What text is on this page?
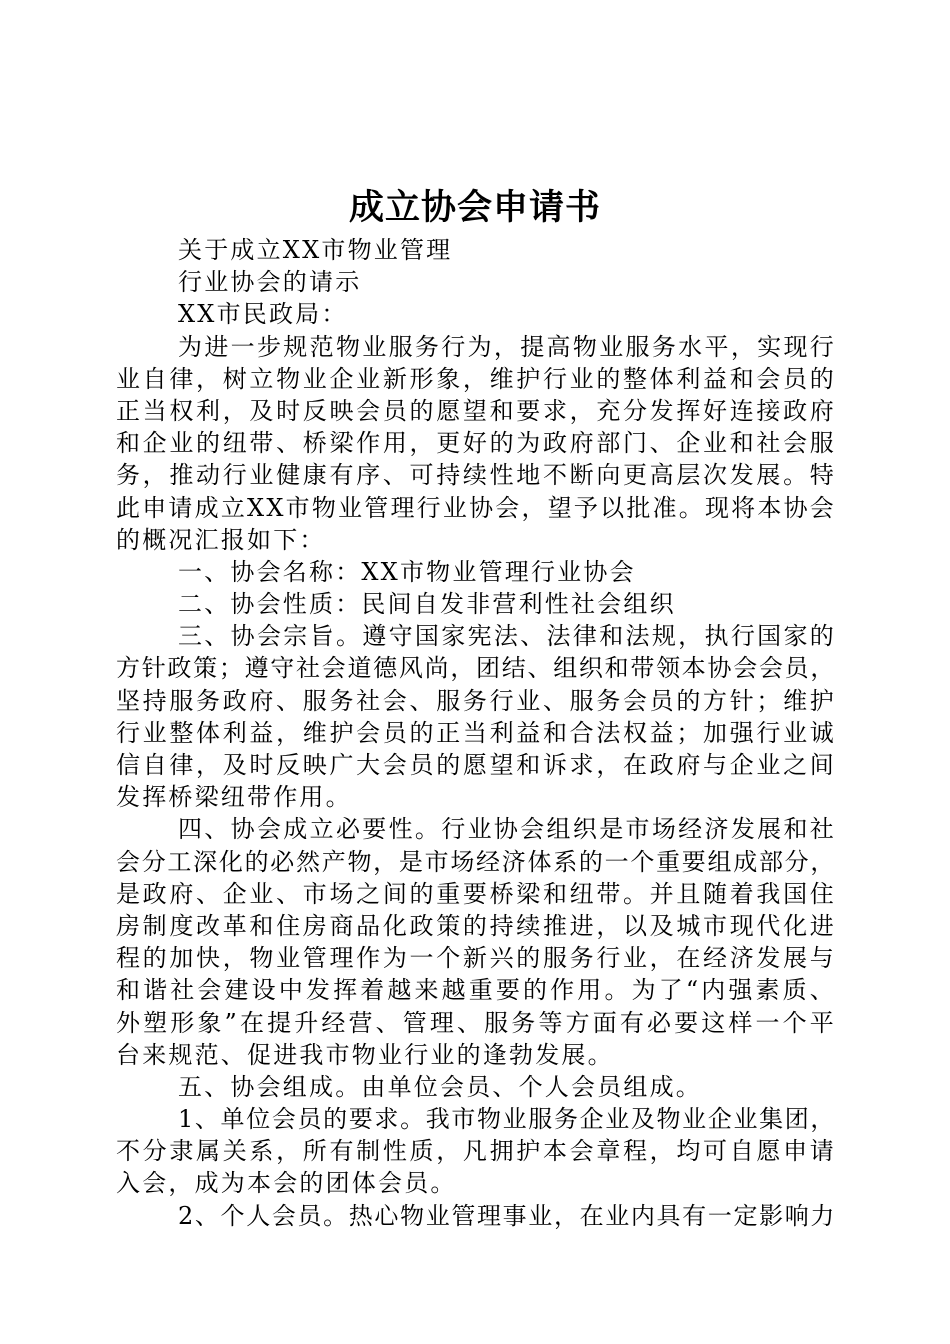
成立协会申请书
关于成立XX市物业管理
行业协会的请示
XX市民政局：
为进一步规范物业服务行为，提高物业服务水平，实现行
业自律，树立物业企业新形象，维护行业的整体利益和会员的
正当权利，及时反映会员的愿望和要求，充分发挥好连接政府
和企业的纽带、桥梁作用，更好的为政府部门、企业和社会服
务，推动行业健康有序、可持续性地不断向更高层次发展。特
此申请成立XX市物业管理行业协会，望予以批准。现将本协会
的概况汇报如下：
一、协会名称：XX市物业管理行业协会
二、协会性质：民间自发非营利性社会组织
三、协会宗旨。遵守国家宪法、法律和法规，执行国家的
方针政策；遵守社会道德风尚，团结、组织和带领本协会会员，
坚持服务政府、服务社会、服务行业、服务会员的方针；维护
行业整体利益，维护会员的正当利益和合法权益；加强行业诚
信自律，及时反映广大会员的愿望和诉求，在政府与企业之间
发挥桥梁纽带作用。
四、协会成立必要性。行业协会组织是市场经济发展和社
会分工深化的必然产物，是市场经济体系的一个重要组成部分，
是政府、企业、市场之间的重要桥梁和纽带。并且随着我国住
房制度改革和住房商品化政策的持续推进，以及城市现代化进
程的加快，物业管理作为一个新兴的服务行业，在经济发展与
和谐社会建设中发挥着越来越重要的作用。为了“内强素质、
外塑形象”在提升经营、管理、服务等方面有必要这样一个平
台来规范、促进我市物业行业的逢勃发展。
五、协会组成。由单位会员、个人会员组成。
1、单位会员的要求。我市物业服务企业及物业企业集团，
不分隶属关系，所有制性质，凡拥护本会章程，均可自愿申请
入会，成为本会的团体会员。
2、个人会员。热心物业管理事业，在业内具有一定影响力
